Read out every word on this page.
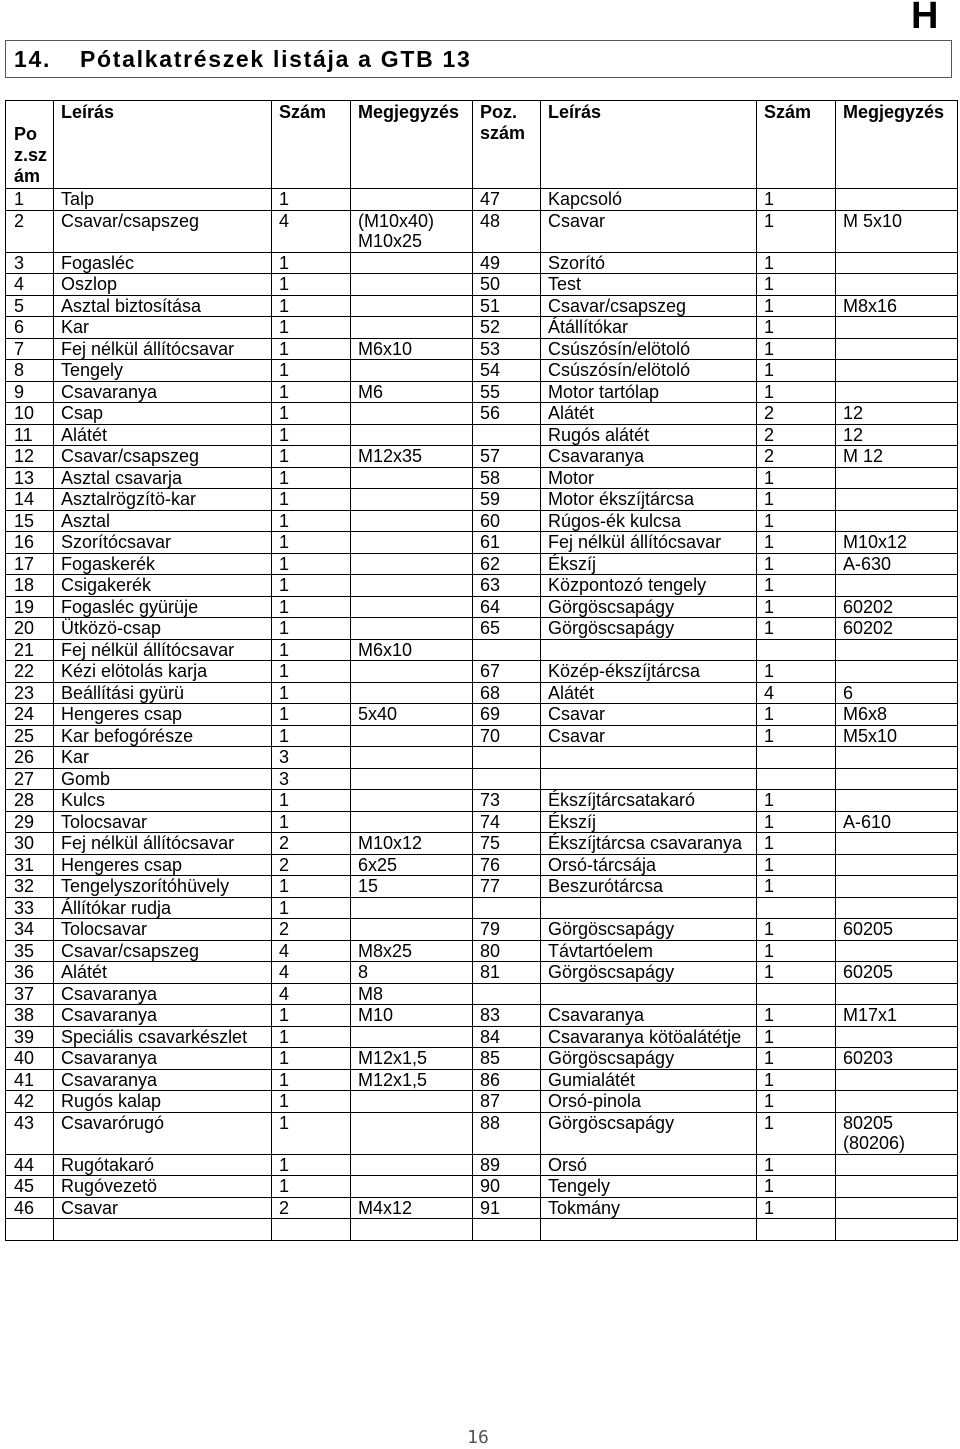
H
14.	Pótalkatrészek listája a GTB 13
Poz.szám	Leírás	Szám	Megjegyzés	Poz. szám	Leírás	Szám	Megjegyzés
1	Talp	1		47	Kapcsoló	1	
2	Csavar/csapszeg	4	(M10x40) M10x25	48	Csavar	1	M 5x10
3	Fogasléc	1		49	Szorító	1	
4	Oszlop	1		50	Test	1	
5	Asztal biztosítása	1		51	Csavar/csapszeg	1	M8x16
6	Kar	1		52	Átállítókar	1	
7	Fej nélkül állítócsavar	1	M6x10	53	Csúszósín/elötoló	1	
8	Tengely	1		54	Csúszósín/elötoló	1	
9	Csavaranya	1	M6	55	Motor tartólap	1	
10	Csap	1		56	Alátét	2	12
11	Alátét	1			Rugós alátét	2	12
12	Csavar/csapszeg	1	M12x35	57	Csavaranya	2	M 12
13	Asztal csavarja	1		58	Motor	1	
14	Asztalrögzítö-kar	1		59	Motor ékszíjtárcsa	1	
15	Asztal	1		60	Rúgos-ék kulcsa	1	
16	Szorítócsavar	1		61	Fej nélkül állítócsavar	1	M10x12
17	Fogaskerék	1		62	Ékszíj	1	A-630
18	Csigakerék	1		63	Központozó tengely	1	
19	Fogasléc gyürüje	1		64	Görgöscsapágy	1	60202
20	Ütközö-csap	1		65	Görgöscsapágy	1	60202
21	Fej nélkül állítócsavar	1	M6x10				
22	Kézi elötolás karja	1		67	Közép-ékszíjtárcsa	1	
23	Beállítási gyürü	1		68	Alátét	4	6
24	Hengeres csap	1	5x40	69	Csavar	1	M6x8
25	Kar befogórésze	1		70	Csavar	1	M5x10
26	Kar	3					
27	Gomb	3					
28	Kulcs	1		73	Ékszíjtárcsatakaró	1	
29	Tolocsavar	1		74	Ékszíj	1	A-610
30	Fej nélkül állítócsavar	2	M10x12	75	Ékszíjtárcsa csavaranya	1	
31	Hengeres csap	2	6x25	76	Orsó-tárcsája	1	
32	Tengelyszorítóhüvely	1	15	77	Beszurótárcsa	1	
33	Állítókar rudja	1					
34	Tolocsavar	2		79	Görgöscsapágy	1	60205
35	Csavar/csapszeg	4	M8x25	80	Távtartóelem	1	
36	Alátét	4	8	81	Görgöscsapágy	1	60205
37	Csavaranya	4	M8				
38	Csavaranya	1	M10	83	Csavaranya	1	M17x1
39	Speciális csavarkészlet	1		84	Csavaranya kötöalátétje	1	
40	Csavaranya	1	M12x1,5	85	Görgöscsapágy	1	60203
41	Csavaranya	1	M12x1,5	86	Gumialátét	1	
42	Rugós kalap	1		87	Orsó-pinola	1	
43	Csavarórugó	1		88	Görgöscsapágy	1	80205 (80206)
44	Rugótakaró	1		89	Orsó	1	
45	Rugóvezetö	1		90	Tengely	1	
46	Csavar	2	M4x12	91	Tokmány	1	

16
